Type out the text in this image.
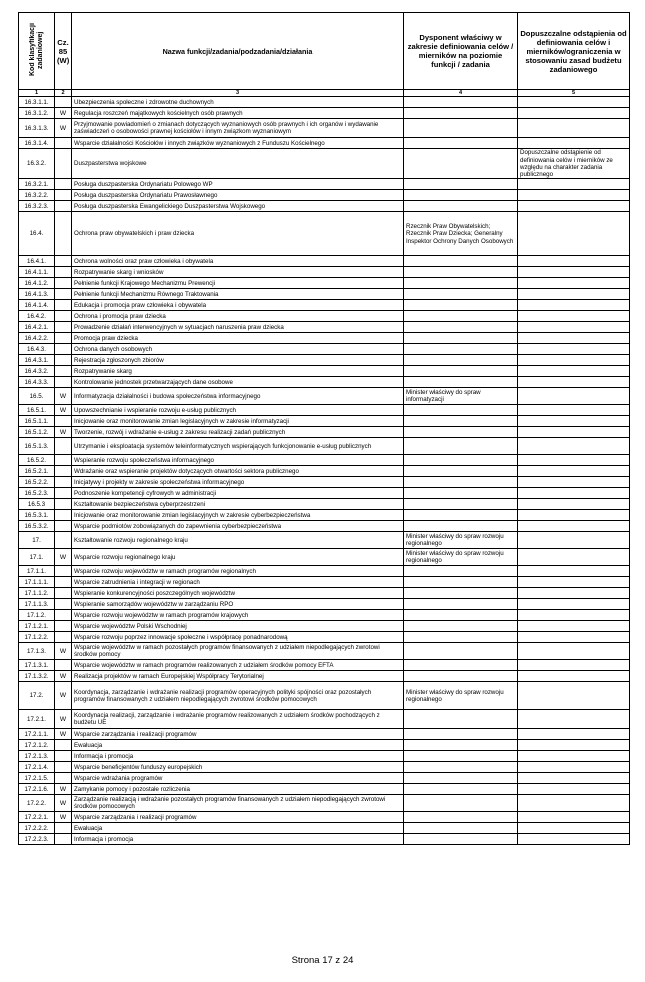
Kod klasyfikacji zadaniowej	Cz. 85 (W)	Nazwa funkcji/zadania/podzadania/działania	Dysponent właściwy w zakresie definiowania celów / mierników na poziomie funkcji / zadania	Dopuszczalne odstąpienia od definiowania celów i mierników/ograniczenia w stosowaniu zasad budżetu zadaniowego
1	2	3	4	5
16.3.1.1.		Ubezpieczenia społeczne i zdrowotne duchownych		
16.3.1.2.	W	Regulacja roszczeń majątkowych kościelnych osób prawnych		
16.3.1.3.	W	Przyjmowanie powiadomień o zmianach dotyczących wyznaniowych osób prawnych i ich organów i wydawanie zaświadczeń o osobowości prawnej kościołów i innym związkom wyznaniowym		
16.3.1.4.		Wsparcie działalności Kościołów i innych związków wyznaniowych z Funduszu Kościelnego		
16.3.2.		Duszpasterstwa wojskowe		Dopuszczalne odstąpienie od definiowania celów i mierników ze względu na charakter zadania publicznego
16.3.2.1.		Posługa duszpasterska Ordynariatu Polowego WP		
16.3.2.2.		Posługa duszpasterska Ordynariatu Prawosławnego		
16.3.2.3.		Posługa duszpasterska Ewangelickiego Duszpasterstwa Wojskowego		
16.4.		Ochrona praw obywatelskich i praw dziecka	Rzecznik Praw Obywatelskich; Rzecznik Praw Dziecka; Generalny Inspektor Ochrony Danych Osobowych	
16.4.1.		Ochrona wolności oraz praw człowieka i obywatela		
16.4.1.1.		Rozpatrywanie skarg i wniosków		
16.4.1.2.		Pełnienie funkcji Krajowego Mechanizmu Prewencji		
16.4.1.3.		Pełnienie funkcji Mechanizmu Równego Traktowania		
16.4.1.4.		Edukacja i promocja praw człowieka i obywatela		
16.4.2.		Ochrona i promocja praw dziecka		
16.4.2.1.		Prowadzenie działań interwencyjnych w sytuacjach naruszenia praw dziecka		
16.4.2.2.		Promocja praw dziecka		
16.4.3.		Ochrona danych osobowych		
16.4.3.1.		Rejestracja zgłoszonych zbiorów		
16.4.3.2.		Rozpatrywanie skarg		
16.4.3.3.		Kontrolowanie jednostek przetwarzających dane osobowe		
16.5.	W	Informatyzacja działalności i budowa społeczeństwa informacyjnego	Minister właściwy do spraw informatyzacji	
16.5.1.	W	Upowszechnianie i wspieranie rozwoju e-usług publicznych		
16.5.1.1.		Inicjowanie oraz monitorowanie zmian legislacyjnych w zakresie informatyzacji		
16.5.1.2.	W	Tworzenie, rozwój i wdrażanie e-usług z zakresu realizacji zadań publicznych		
16.5.1.3.		Utrzymanie i eksploatacja systemów teleinformatycznych wspierających funkcjonowanie e-usług publicznych		
16.5.2.		Wspieranie rozwoju społeczeństwa informacyjnego		
16.5.2.1.		Wdrażanie oraz wspieranie projektów dotyczących otwartości sektora publicznego		
16.5.2.2.		Inicjatywy i projekty w zakresie społeczeństwa informacyjnego		
16.5.2.3.		Podnoszenie kompetencji cyfrowych w administracji		
16.5.3		Kształtowanie bezpieczeństwa cyberprzestrzeni		
16.5.3.1.		Inicjowanie oraz monitorowanie zmian legislacyjnych w zakresie cyberbezpieczeństwa		
16.5.3.2.		Wsparcie podmiotów zobowiązanych do zapewnienia cyberbezpieczeństwa		
17.		Kształtowanie rozwoju regionalnego kraju	Minister właściwy do spraw rozwoju regionalnego	
17.1.	W	Wsparcie rozwoju regionalnego kraju	Minister właściwy do spraw rozwoju regionalnego	
17.1.1.		Wsparcie rozwoju województw w ramach programów regionalnych		
17.1.1.1.		Wsparcie zatrudnienia i integracji w regionach		
17.1.1.2.		Wspieranie konkurencyjności poszczególnych województw		
17.1.1.3.		Wspieranie samorządów województw w zarządzaniu RPO		
17.1.2.		Wsparcie rozwoju województw w ramach programów krajowych		
17.1.2.1.		Wsparcie województw Polski Wschodniej		
17.1.2.2.		Wsparcie rozwoju poprzez innowacje społeczne i współpracę ponadnarodową		
17.1.3.	W	Wsparcie województw w ramach pozostałych programów finansowanych z udziałem niepodlegających zwrotowi środków pomocy		
17.1.3.1.		Wsparcie województw w ramach programów realizowanych z udziałem środków pomocy EFTA		
17.1.3.2.	W	Realizacja projektów w ramach Europejskiej Współpracy Terytorialnej		
17.2.	W	Koordynacja, zarządzanie i wdrażanie realizacji programów operacyjnych polityki spójności oraz pozostałych programów finansowanych z udziałem niepodlegających zwrotowi środków pomocowych	Minister właściwy do spraw rozwoju regionalnego	
17.2.1.	W	Koordynacja realizacji, zarządzanie i wdrażanie programów realizowanych z udziałem środków pochodzących z budżetu UE		
17.2.1.1.	W	Wsparcie zarządzania i realizacji programów		
17.2.1.2.		Ewaluacja		
17.2.1.3.		Informacja i promocja		
17.2.1.4.		Wsparcie beneficjentów funduszy europejskich		
17.2.1.5.		Wsparcie wdrażania programów		
17.2.1.6.	W	Zamykanie pomocy i pozostałe rozliczenia		
17.2.2.	W	Zarządzanie realizacją i wdrażanie pozostałych programów finansowanych z udziałem niepodlegających zwrotowi środków pomocowych		
17.2.2.1.	W	Wsparcie zarządzania i realizacji programów		
17.2.2.2.		Ewaluacja		
17.2.2.3.		Informacja i promocja		
Strona 17 z 24
